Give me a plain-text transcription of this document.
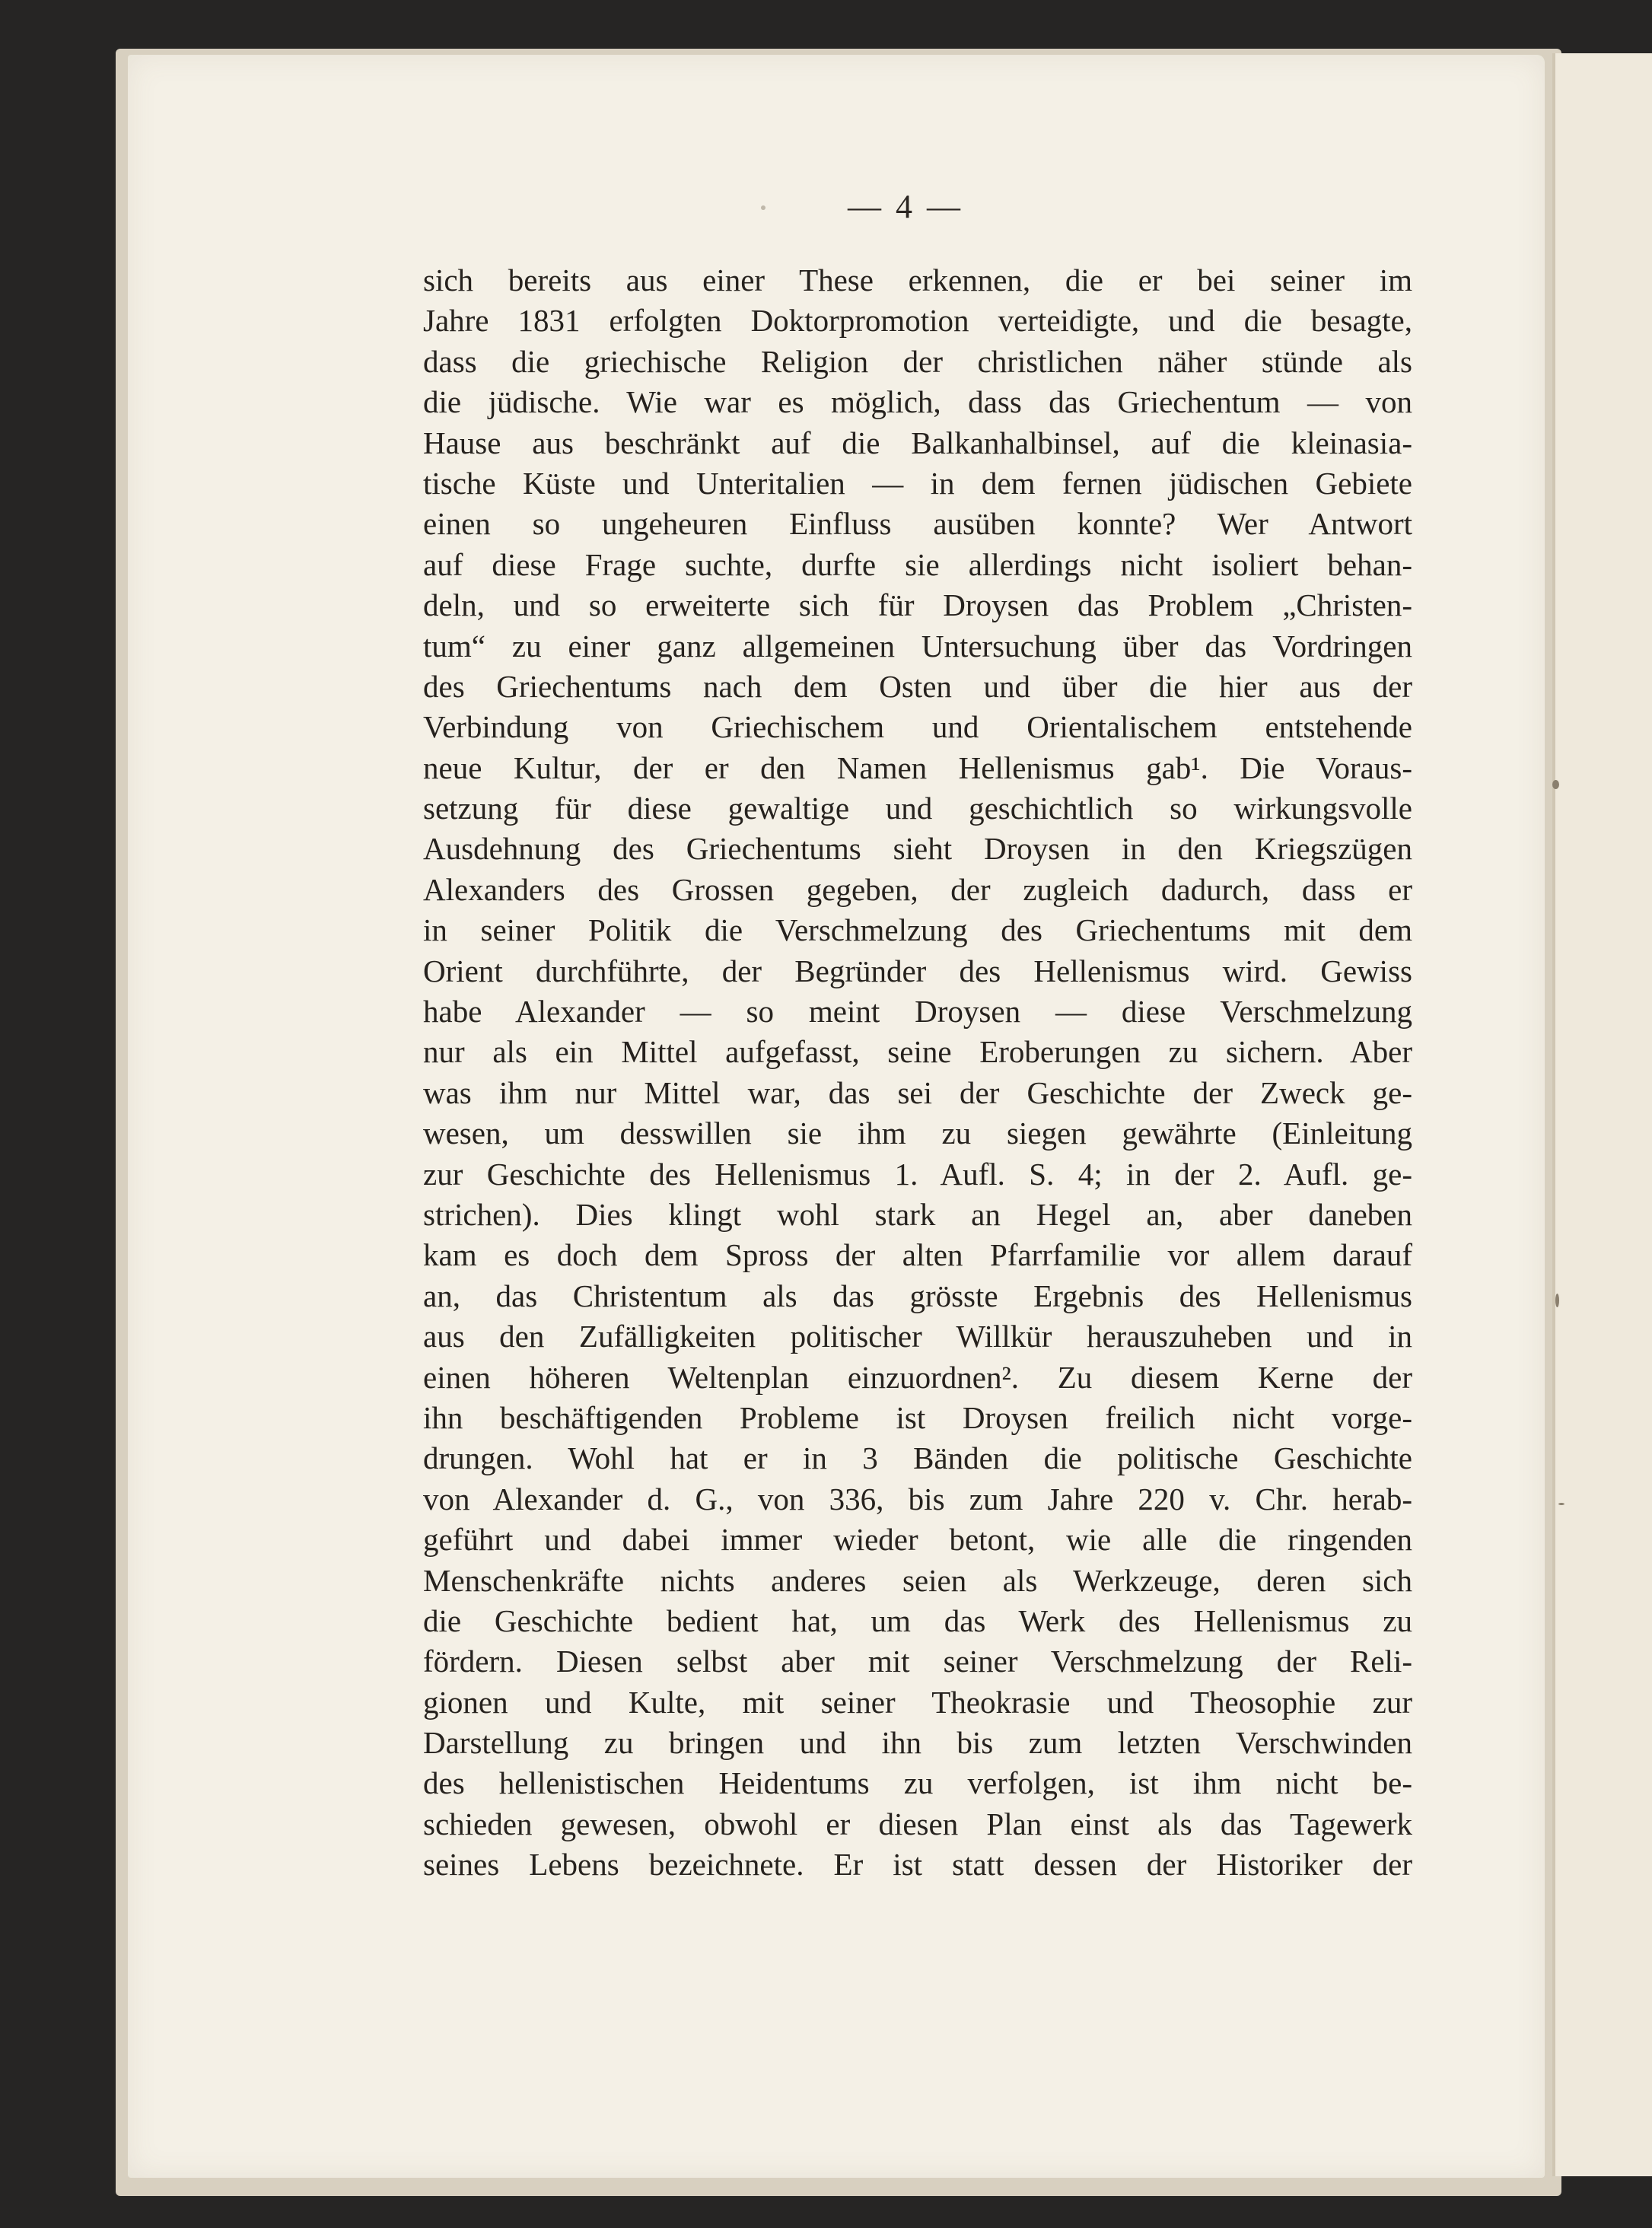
— 4 —
sich bereits aus einer These erkennen, die er bei seiner im
Jahre 1831 erfolgten Doktorpromotion verteidigte, und die besagte,
dass die griechische Religion der christlichen näher stünde als
die jüdische. Wie war es möglich, dass das Griechentum — von
Hause aus beschränkt auf die Balkanhalbinsel, auf die kleinasia-
tische Küste und Unteritalien — in dem fernen jüdischen Gebiete
einen so ungeheuren Einfluss ausüben konnte? Wer Antwort
auf diese Frage suchte, durfte sie allerdings nicht isoliert behan-
deln, und so erweiterte sich für Droysen das Problem „Christen-
tum“ zu einer ganz allgemeinen Untersuchung über das Vordringen
des Griechentums nach dem Osten und über die hier aus der
Verbindung von Griechischem und Orientalischem entstehende
neue Kultur, der er den Namen Hellenismus gab¹. Die Voraus-
setzung für diese gewaltige und geschichtlich so wirkungsvolle
Ausdehnung des Griechentums sieht Droysen in den Kriegszügen
Alexanders des Grossen gegeben, der zugleich dadurch, dass er
in seiner Politik die Verschmelzung des Griechentums mit dem
Orient durchführte, der Begründer des Hellenismus wird. Gewiss
habe Alexander — so meint Droysen — diese Verschmelzung
nur als ein Mittel aufgefasst, seine Eroberungen zu sichern. Aber
was ihm nur Mittel war, das sei der Geschichte der Zweck ge-
wesen, um desswillen sie ihm zu siegen gewährte (Einleitung
zur Geschichte des Hellenismus 1. Aufl. S. 4; in der 2. Aufl. ge-
strichen). Dies klingt wohl stark an Hegel an, aber daneben
kam es doch dem Spross der alten Pfarrfamilie vor allem darauf
an, das Christentum als das grösste Ergebnis des Hellenismus
aus den Zufälligkeiten politischer Willkür herauszuheben und in
einen höheren Weltenplan einzuordnen². Zu diesem Kerne der
ihn beschäftigenden Probleme ist Droysen freilich nicht vorge-
drungen. Wohl hat er in 3 Bänden die politische Geschichte
von Alexander d. G., von 336, bis zum Jahre 220 v. Chr. herab-
geführt und dabei immer wieder betont, wie alle die ringenden
Menschenkräfte nichts anderes seien als Werkzeuge, deren sich
die Geschichte bedient hat, um das Werk des Hellenismus zu
fördern. Diesen selbst aber mit seiner Verschmelzung der Reli-
gionen und Kulte, mit seiner Theokrasie und Theosophie zur
Darstellung zu bringen und ihn bis zum letzten Verschwinden
des hellenistischen Heidentums zu verfolgen, ist ihm nicht be-
schieden gewesen, obwohl er diesen Plan einst als das Tagewerk
seines Lebens bezeichnete. Er ist statt dessen der Historiker der
